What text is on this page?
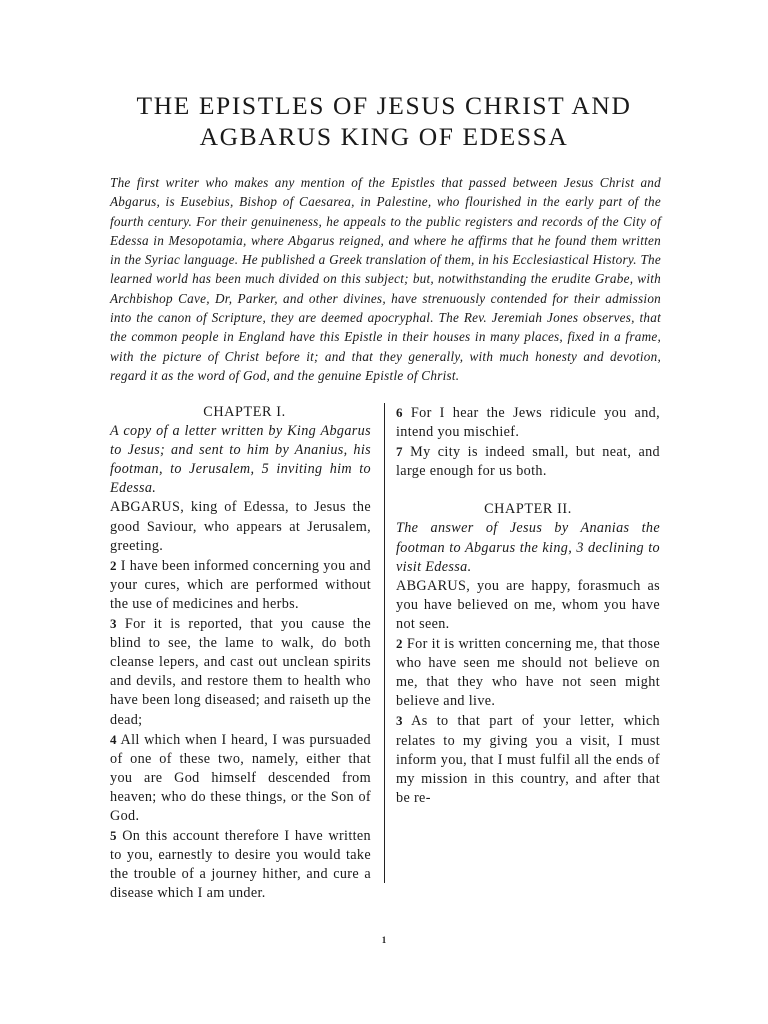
THE EPISTLES OF JESUS CHRIST AND
AGBARUS KING OF EDESSA

The first writer who makes any mention of the Epistles that passed between Jesus Christ and Abgarus, is Eusebius, Bishop of Caesarea, in Palestine, who flourished in the early part of the fourth century. For their genuineness, he appeals to the public registers and records of the City of Edessa in Mesopotamia, where Abgarus reigned, and where he affirms that he found them written in the Syriac language. He published a Greek translation of them, in his Ecclesiastical History. The learned world has been much divided on this subject; but, notwithstanding the erudite Grabe, with Archbishop Cave, Dr, Parker, and other divines, have strenuously contended for their admission into the canon of Scripture, they are deemed apocryphal. The Rev. Jeremiah Jones observes, that the common people in England have this Epistle in their houses in many places, fixed in a frame, with the picture of Christ before it; and that they generally, with much honesty and devotion, regard it as the word of God, and the genuine Epistle of Christ.

CHAPTER I.

A copy of a letter written by King Abgarus to Jesus; and sent to him by Ananius, his footman, to Jerusalem, 5 inviting him to Edessa.

ABGARUS, king of Edessa, to Jesus the good Saviour, who appears at Jerusalem, greeting.

2 I have been informed concerning you and your cures, which are performed without the use of medicines and herbs.

3 For it is reported, that you cause the blind to see, the lame to walk, do both cleanse lepers, and cast out unclean spirits and devils, and restore them to health who have been long diseased; and raiseth up the dead;

4 All which when I heard, I was pursuaded of one of these two, namely, either that you are God himself descended from heaven; who do these things, or the Son of God.

5 On this account therefore I have written to you, earnestly to desire you would take the trouble of a journey hither, and cure a disease which I am under.

6 For I hear the Jews ridicule you and, intend you mischief.

7 My city is indeed small, but neat, and large enough for us both.

CHAPTER II.

The answer of Jesus by Ananias the footman to Abgarus the king, 3 declining to visit Edessa.

ABGARUS, you are happy, forasmuch as you have believed on me, whom you have not seen.

2 For it is written concerning me, that those who have seen me should not believe on me, that they who have not seen might believe and live.

3 As to that part of your letter, which relates to my giving you a visit, I must inform you, that I must fulfil all the ends of my mission in this country, and after that be re-

1
